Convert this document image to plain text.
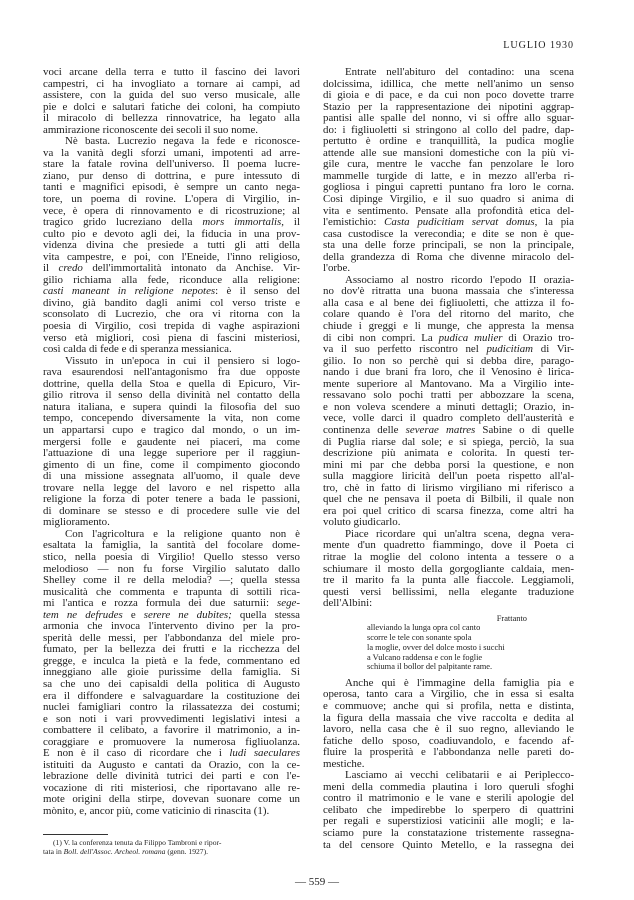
LUGLIO 1930
voci arcane della terra e tutto il fascino dei lavori
campestri, ci ha invogliato a tornare ai campi, ad
assistere, con la guida del suo verso musicale, alle
pie e dolci e salutari fatiche dei coloni, ha compiuto
il miracolo di bellezza rinnovatrice, ha legato alla
ammirazione riconoscente dei secoli il suo nome.
Nè basta. Lucrezio negava la fede e riconosce-
va la vanità degli sforzi umani, impotenti ad arre-
stare la fatale rovina dell'universo. Il poema lucre-
ziano, pur denso di dottrina, e pure intessuto di
tanti e magnifici episodi, è sempre un canto nega-
tore, un poema di rovine. L'opera di Virgilio, in-
vece, è opera di rinnovamento e di ricostruzione; al
tragico grido lucreziano della mors immortalis, il
culto pio e devoto agli dei, la fiducia in una prov-
videnza divina che presiede a tutti gli atti della
vita campestre, e poi, con l'Eneide, l'inno religioso,
il credo dell'immortalità intonato da Anchise. Vir-
gilio richiama alla fede, riconduce alla religione:
casti maneant in religione nepotes: è il senso del
divino, già bandito dagli animi col verso triste e
sconsolato di Lucrezio, che ora vi ritorna con la
poesia di Virgilio, così trepida di vaghe aspirazioni
verso età migliori, così piena di fascini misteriosi,
così calda di fede e di speranza messianica.
Vissuto in un'epoca in cui il pensiero si logo-
rava esaurendosi nell'antagonismo fra due opposte
dottrine, quella della Stoa e quella di Epicuro, Vir-
gilio ritrova il senso della divinità nel contatto della
natura italiana, e supera quindi la filosofia del suo
tempo, concependo diversamente la vita, non come
un appartarsi cupo e tragico dal mondo, o un im-
mergersi folle e gaudente nei piaceri, ma come
l'attuazione di una legge superiore per il raggiun-
gimento di un fine, come il compimento giocondo
di una missione assegnata all'uomo, il quale deve
trovare nella legge del lavoro e nel rispetto alla
religione la forza di poter tenere a bada le passioni,
di dominare se stesso e di procedere sulle vie del
miglioramento.
Con l'agricoltura e la religione quanto non è
esaltata la famiglia, la santità del focolare dome-
stico, nella poesia di Virgilio! Quello stesso verso
melodioso — non fu forse Virgilio salutato dallo
Shelley come il re della melodia? —; quella stessa
musicalità che commenta e trapunta di sottili rica-
mi l'antica e rozza formula dei due saturnii: sege-
tem ne defrudes e serere ne dubites; quella stessa
armonia che invoca l'intervento divino per la pro-
sperità delle messi, per l'abbondanza del miele pro-
fumato, per la bellezza dei frutti e la ricchezza del
gregge, e inculca la pietà e la fede, commentano ed
inneggiano alle gioie purissime della famiglia. Si
sa che uno dei capisaldi della politica di Augusto
era il diffondere e salvaguardare la costituzione dei
nuclei famigliari contro la rilassatezza dei costumi;
e son noti i vari provvedimenti legislativi intesi a
combattere il celibato, a favorire il matrimonio, a in-
coraggiare e promuovere la numerosa figliuolanza.
E non è il caso di ricordare che i ludi saeculares
istituiti da Augusto e cantati da Orazio, con la ce-
lebrazione delle divinità tutrici dei parti e con l'e-
vocazione di riti misteriosi, che riportavano alle re-
mote origini della stirpe, dovevan suonare come un
mònito, e, ancor più, come vaticinio di rinascita (1).
Entrate nell'abituro del contadino: una scena
dolcissima, idillica, che mette nell'animo un senso
di gioia e di pace, e da cui non poco dovette trarre
Stazio per la rappresentazione dei nipotini aggrap-
pantisi alle spalle del nonno, vi si offre allo sguar-
do: i figliuoletti si stringono al collo del padre, dap-
pertutto è ordine e tranquillità, la pudica moglie
attende alle sue mansioni domestiche con la più vi-
gile cura, mentre le vacche fan penzolare le loro
mammelle turgide di latte, e in mezzo all'erba ri-
gogliosa i pingui capretti puntano fra loro le corna.
Così dipinge Virgilio, e il suo quadro si anima di
vita e sentimento. Pensate alla profondità etica del-
l'emistichio: Casta pudicitiam servat domus, la pia
casa custodisce la verecondia; e dite se non è que-
sta una delle forze principali, se non la principale,
della grandezza di Roma che divenne miracolo del-
l'orbe.
Associamo al nostro ricordo l'epodo II orazia-
no dov'è ritratta una buona massaia che s'interessa
alla casa e al bene dei figliuoletti, che attizza il fo-
colare quando è l'ora del ritorno del marito, che
chiude i greggi e li munge, che appresta la mensa
di cibi non compri. La pudica mulier di Orazio tro-
va il suo perfetto riscontro nel pudicitiam di Vir-
gilio. Io non so perchè qui si debba dire, parago-
nando i due brani fra loro, che il Venosino è lirica-
mente superiore al Mantovano. Ma a Virgilio inte-
ressavano solo pochi tratti per abbozzare la scena,
e non voleva scendere a minuti dettagli; Orazio, in-
vece, volle darci il quadro completo dell'austerità e
continenza delle severae matres Sabine o di quelle
di Puglia riarse dal sole; e si spiega, perciò, la sua
descrizione più animata e colorita. In questi ter-
mini mi par che debba porsi la questione, e non
sulla maggiore liricità dell'un poeta rispetto all'al-
tro, chè in fatto di lirismo virgiliano mi riferisco a
quel che ne pensava il poeta di Bilbili, il quale non
era poi quel critico di scarsa finezza, come altri ha
voluto giudicarlo.
Piace ricordare qui un'altra scena, degna vera-
mente d'un quadretto fiammingo, dove il Poeta ci
ritrae la moglie del colono intenta a tessere o a
schiumare il mosto della gorgogliante caldaia, men-
tre il marito fa la punta alle fiaccole. Leggiamoli,
questi versi bellissimi, nella elegante traduzione
dell'Albini:
Frattanto
alleviando la lunga opra col canto
scorre le tele con sonante spola
la moglie, ovver del dolce mosto i succhi
a Vulcano raddensa e con le foglie
schiuma il bollor del palpitante rame.
Anche qui è l'immagine della famiglia pia e
operosa, tanto cara a Virgilio, che in essa si esalta
e commuove; anche qui si profila, netta e distinta,
la figura della massaia che vive raccolta e dedita al
lavoro, nella casa che è il suo regno, alleviando le
fatiche dello sposo, coadiuvandolo, e facendo af-
fluire la prosperità e l'abbondanza nelle pareti do-
mestiche.
Lasciamo ai vecchi celibatarii e ai Periplecco-
meni della commedia plautina i loro queruli sfoghi
contro il matrimonio e le vane e sterili apologie del
celibato che impedirebbe lo sperpero di quattrini
per regali e superstiziosi vaticinii alle mogli; e la-
sciamo pure la constatazione tristemente rassegna-
ta del censore Quinto Metello, e la rassegna dei
(1) V. la conferenza tenuta da Filippo Tambroni e ripor-
tata in Boll. dell'Assoc. Archeol. romana (genn. 1927).
— 559 —
